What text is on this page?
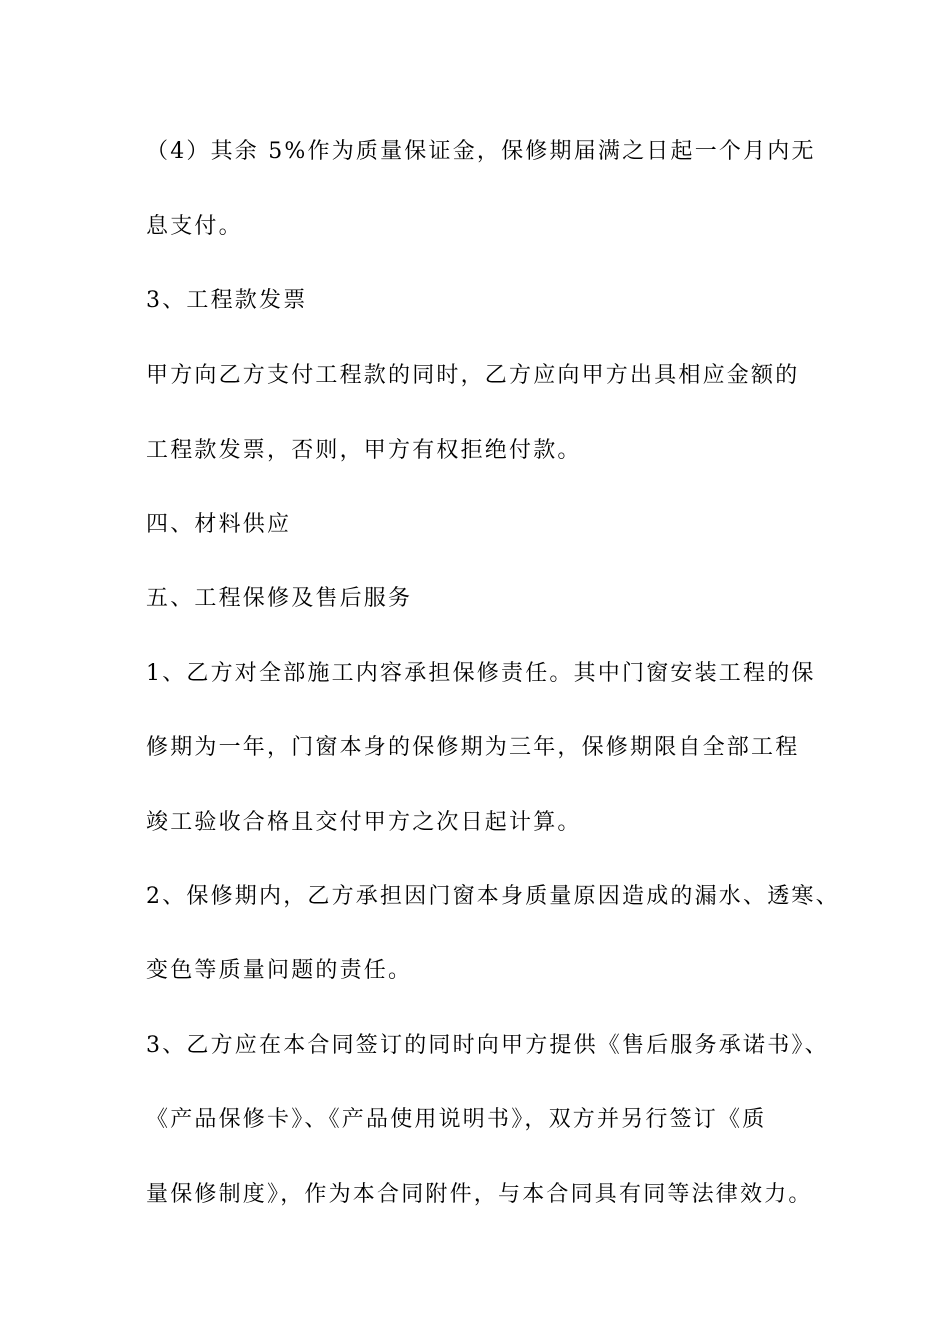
（4）其余 5%作为质量保证金，保修期届满之日起一个月内无
息支付。
3、工程款发票
甲方向乙方支付工程款的同时，乙方应向甲方出具相应金额的
工程款发票，否则，甲方有权拒绝付款。
四、材料供应
五、工程保修及售后服务
1、乙方对全部施工内容承担保修责任。其中门窗安装工程的保
修期为一年，门窗本身的保修期为三年，保修期限自全部工程
竣工验收合格且交付甲方之次日起计算。
2、保修期内，乙方承担因门窗本身质量原因造成的漏水、透寒、
变色等质量问题的责任。
3、乙方应在本合同签订的同时向甲方提供《售后服务承诺书》、
《产品保修卡》、《产品使用说明书》，双方并另行签订《质
量保修制度》，作为本合同附件，与本合同具有同等法律效力。
